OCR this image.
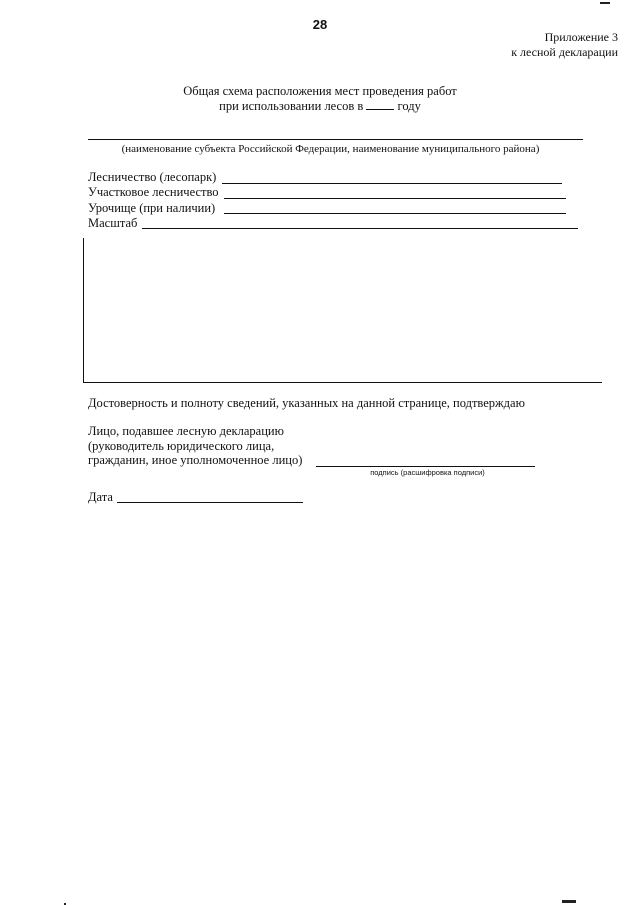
28
Приложение 3
к лесной декларации
Общая схема расположения мест проведения работ
при использовании лесов в	году
(наименование субъекта Российской Федерации, наименование муниципального района)
Лесничество (лесопарк)
Участковое лесничество
Урочище (при наличии)
Масштаб
Достоверность и полноту сведений, указанных на данной странице, подтверждаю
Лицо, подавшее лесную декларацию
(руководитель юридического лица,
гражданин, иное уполномоченное лицо)
подпись (расшифровка подписи)
Дата
